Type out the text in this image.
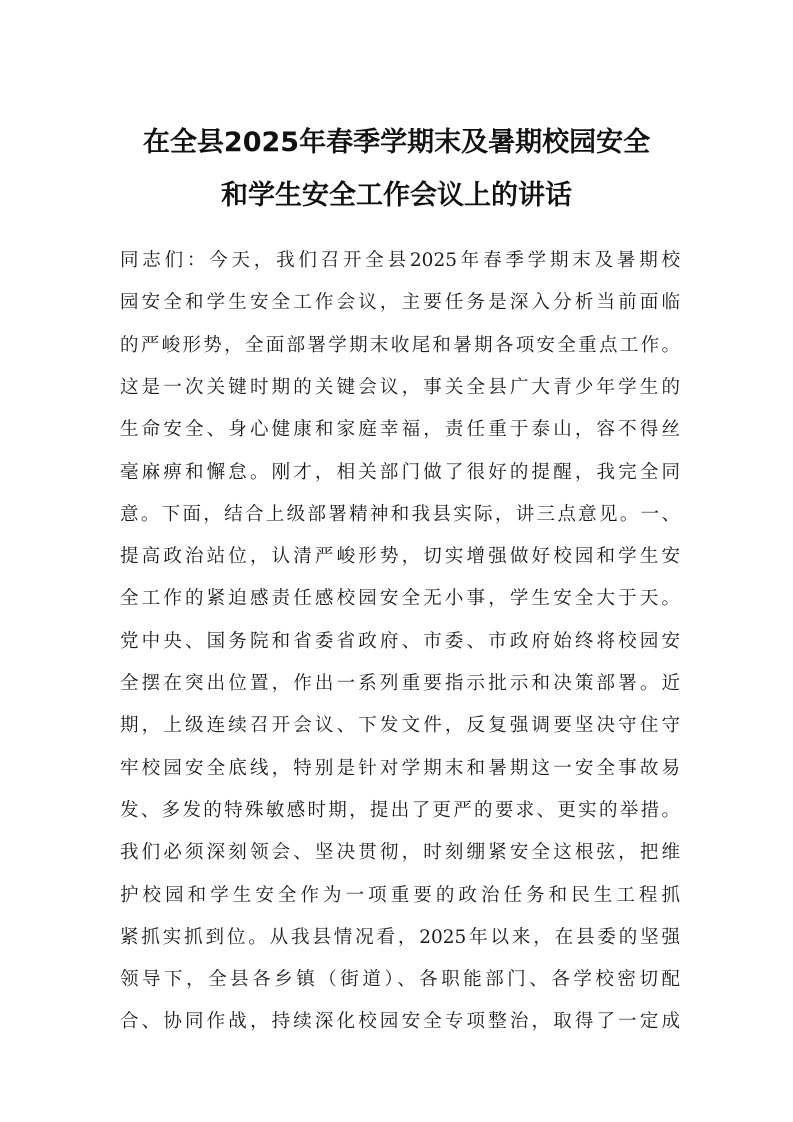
在全县2025年春季学期末及暑期校园安全
和学生安全工作会议上的讲话
同志们：今天，我们召开全县2025年春季学期末及暑期校
园安全和学生安全工作会议，主要任务是深入分析当前面临
的严峻形势，全面部署学期末收尾和暑期各项安全重点工作。
这是一次关键时期的关键会议，事关全县广大青少年学生的
生命安全、身心健康和家庭幸福，责任重于泰山，容不得丝
毫麻痹和懈怠。刚才，相关部门做了很好的提醒，我完全同
意。下面，结合上级部署精神和我县实际，讲三点意见。一、
提高政治站位，认清严峻形势，切实增强做好校园和学生安
全工作的紧迫感责任感校园安全无小事，学生安全大于天。
党中央、国务院和省委省政府、市委、市政府始终将校园安
全摆在突出位置，作出一系列重要指示批示和决策部署。近
期，上级连续召开会议、下发文件，反复强调要坚决守住守
牢校园安全底线，特别是针对学期末和暑期这一安全事故易
发、多发的特殊敏感时期，提出了更严的要求、更实的举措。
我们必须深刻领会、坚决贯彻，时刻绷紧安全这根弦，把维
护校园和学生安全作为一项重要的政治任务和民生工程抓
紧抓实抓到位。从我县情况看，2025年以来，在县委的坚强
领导下，全县各乡镇（街道）、各职能部门、各学校密切配
合、协同作战，持续深化校园安全专项整治，取得了一定成
